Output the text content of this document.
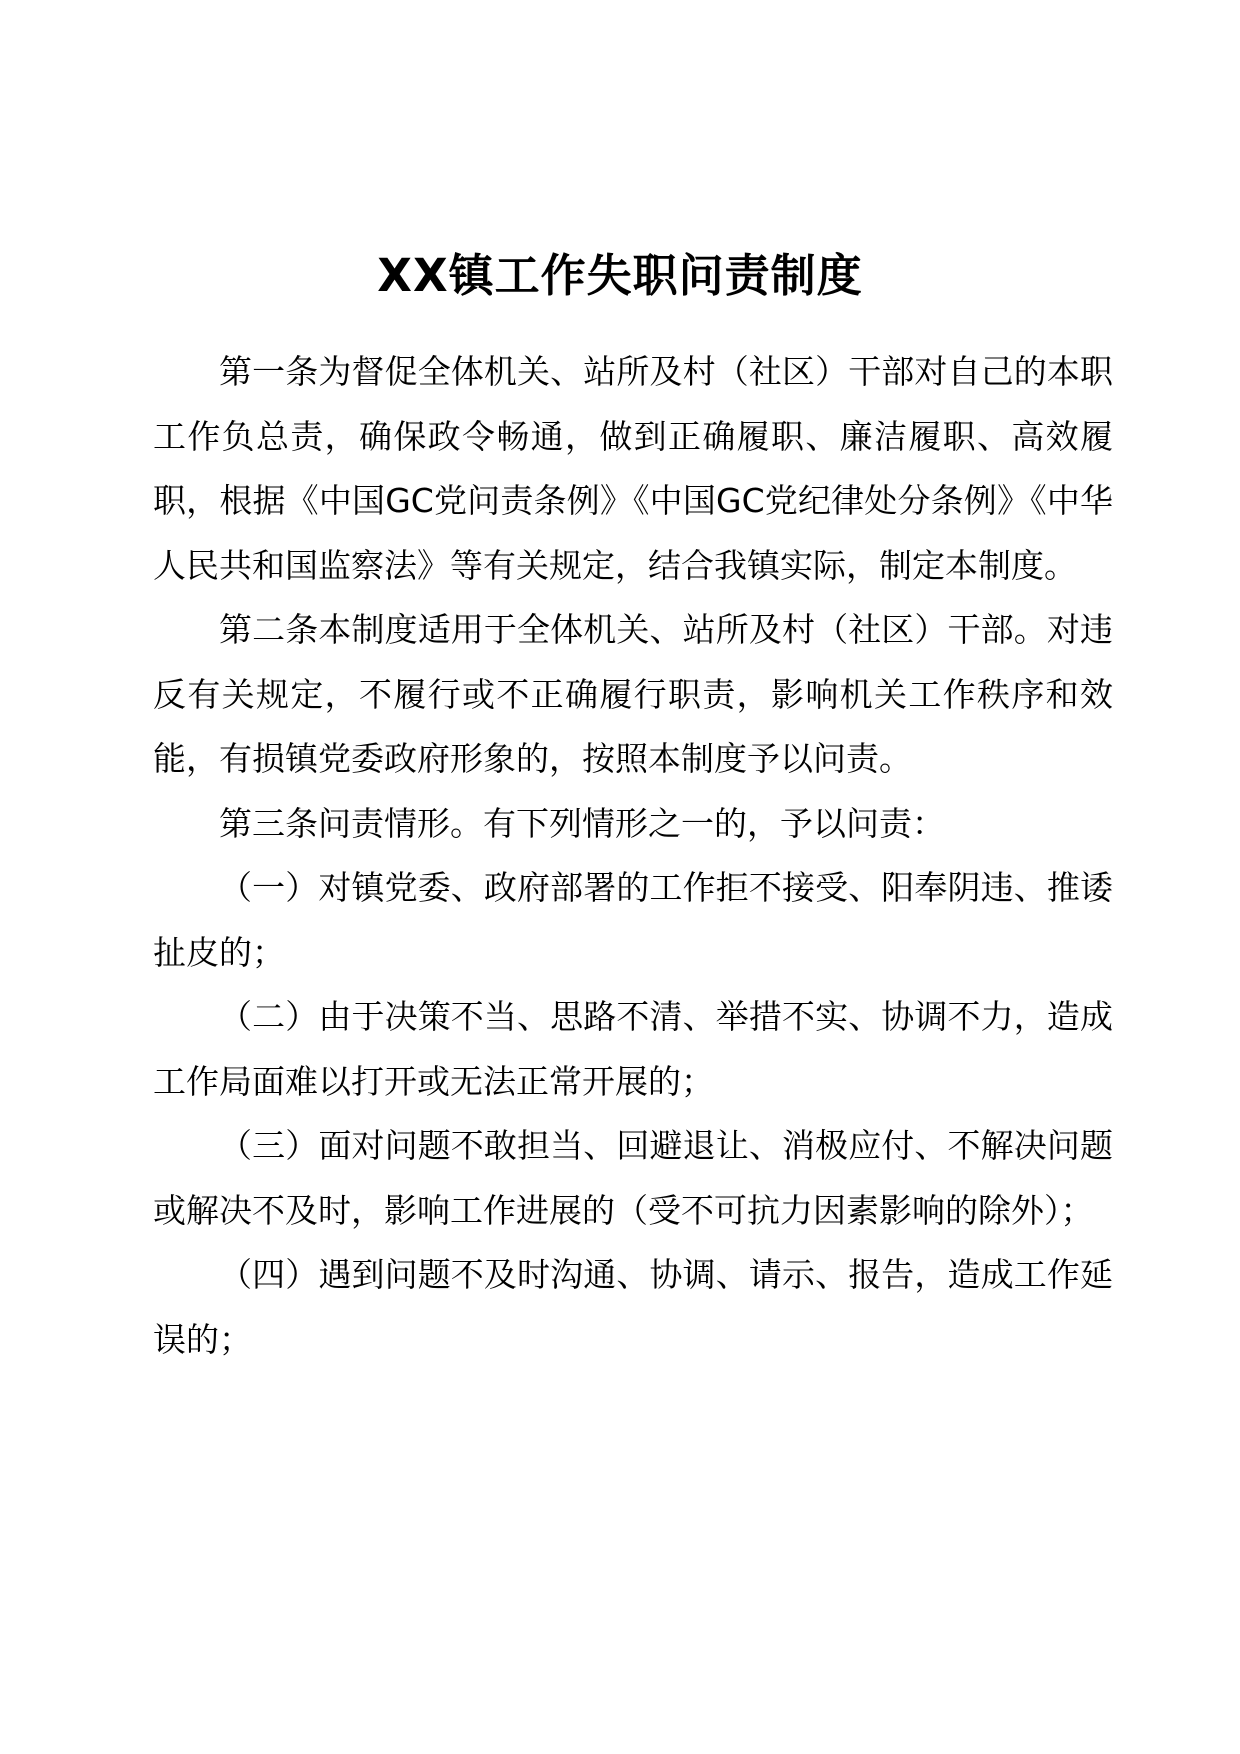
XX镇工作失职问责制度

第一条为督促全体机关、站所及村（社区）干部对自己的本职工作负总责，确保政令畅通，做到正确履职、廉洁履职、高效履职，根据《中国GC党问责条例》《中国GC党纪律处分条例》《中华人民共和国监察法》等有关规定，结合我镇实际，制定本制度。

第二条本制度适用于全体机关、站所及村（社区）干部。对违反有关规定，不履行或不正确履行职责，影响机关工作秩序和效能，有损镇党委政府形象的，按照本制度予以问责。

第三条问责情形。有下列情形之一的，予以问责：

（一）对镇党委、政府部署的工作拒不接受、阳奉阴违、推诿扯皮的；

（二）由于决策不当、思路不清、举措不实、协调不力，造成工作局面难以打开或无法正常开展的；

（三）面对问题不敢担当、回避退让、消极应付、不解决问题或解决不及时，影响工作进展的（受不可抗力因素影响的除外）；

（四）遇到问题不及时沟通、协调、请示、报告，造成工作延误的；
